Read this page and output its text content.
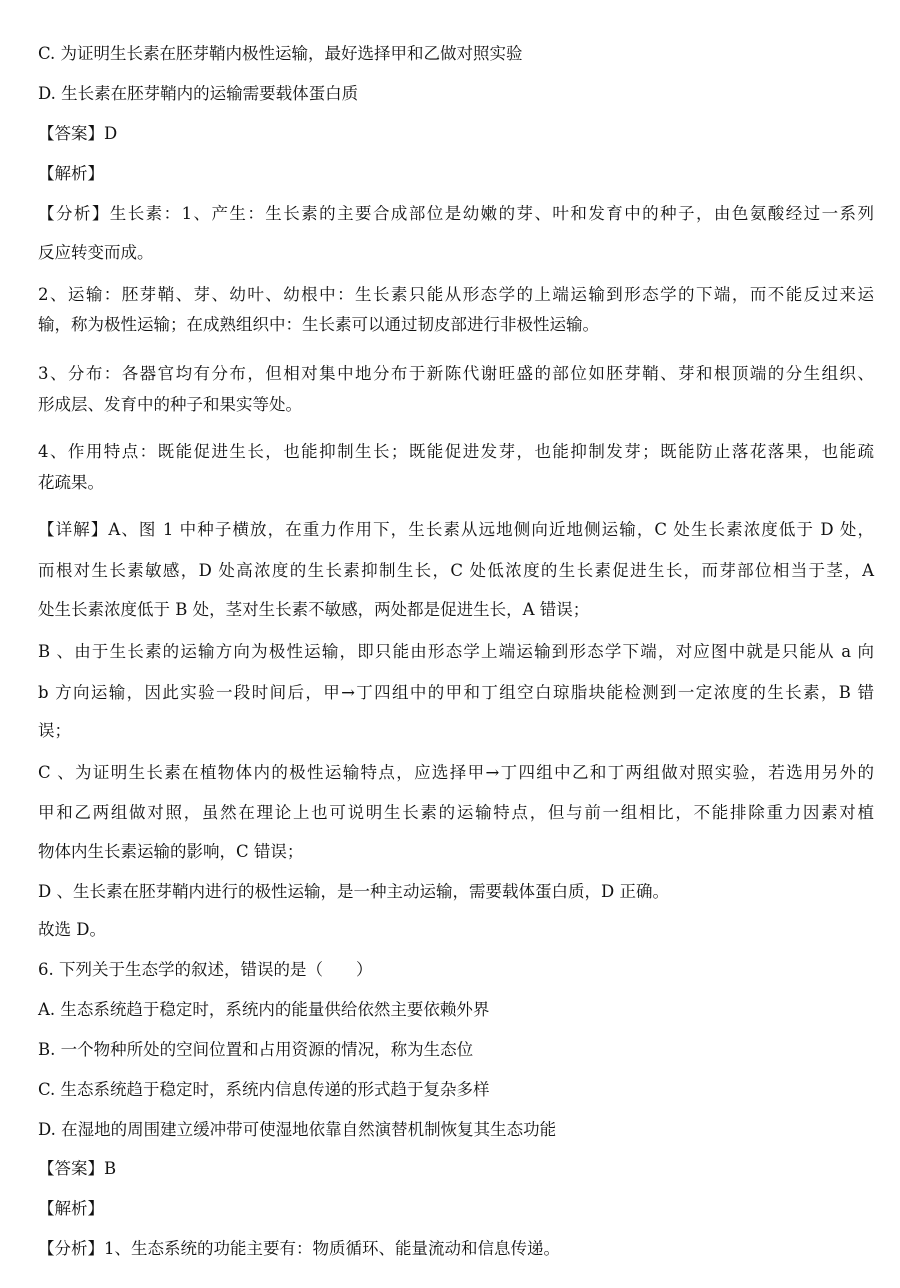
C. 为证明生长素在胚芽鞘内极性运输，最好选择甲和乙做对照实验
D. 生长素在胚芽鞘内的运输需要载体蛋白质
【答案】D
【解析】
【分析】生长素：1、产生：生长素的主要合成部位是幼嫩的芽、叶和发育中的种子，由色氨酸经过一系列
反应转变而成。
2、运输：胚芽鞘、芽、幼叶、幼根中：生长素只能从形态学的上端运输到形态学的下端，而不能反过来运
输，称为极性运输；在成熟组织中：生长素可以通过韧皮部进行非极性运输。
3、分布：各器官均有分布，但相对集中地分布于新陈代谢旺盛的部位如胚芽鞘、芽和根顶端的分生组织、
形成层、发育中的种子和果实等处。
4、作用特点：既能促进生长，也能抑制生长；既能促进发芽，也能抑制发芽；既能防止落花落果，也能疏
花疏果。
【详解】A、图 1 中种子横放，在重力作用下，生长素从远地侧向近地侧运输，C 处生长素浓度低于 D 处，
而根对生长素敏感，D 处高浓度的生长素抑制生长，C 处低浓度的生长素促进生长，而芽部位相当于茎，A
处生长素浓度低于 B 处，茎对生长素不敏感，两处都是促进生长，A 错误；
B 、由于生长素的运输方向为极性运输，即只能由形态学上端运输到形态学下端，对应图中就是只能从 a 向
b 方向运输，因此实验一段时间后，甲→丁四组中的甲和丁组空白琼脂块能检测到一定浓度的生长素，B 错
误；
C 、为证明生长素在植物体内的极性运输特点，应选择甲→丁四组中乙和丁两组做对照实验，若选用另外的
甲和乙两组做对照，虽然在理论上也可说明生长素的运输特点，但与前一组相比，不能排除重力因素对植
物体内生长素运输的影响，C 错误；
D 、生长素在胚芽鞘内进行的极性运输，是一种主动运输，需要载体蛋白质，D 正确。
故选 D。
6. 下列关于生态学的叙述，错误的是（　　）
A. 生态系统趋于稳定时，系统内的能量供给依然主要依赖外界
B. 一个物种所处的空间位置和占用资源的情况，称为生态位
C. 生态系统趋于稳定时，系统内信息传递的形式趋于复杂多样
D. 在湿地的周围建立缓冲带可使湿地依靠自然演替机制恢复其生态功能
【答案】B
【解析】
【分析】1、生态系统的功能主要有：物质循环、能量流动和信息传递。
